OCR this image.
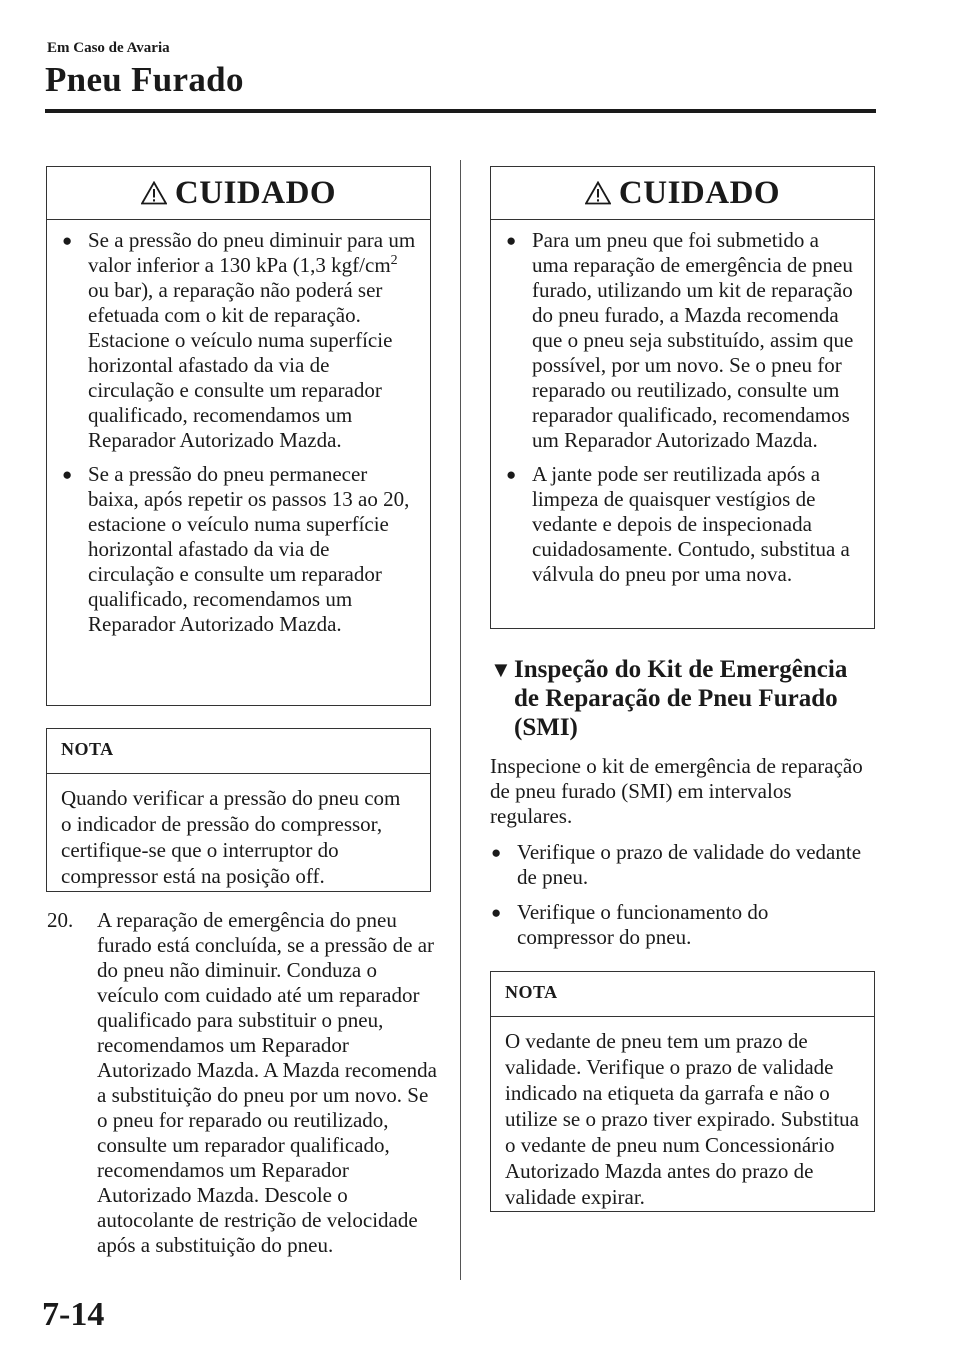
Em Caso de Avaria
Pneu Furado
CUIDADO
● Se a pressão do pneu diminuir para um valor inferior a 130 kPa (1,3 kgf/$cm^2$ ou bar), a reparação não poderá ser efetuada com o kit de reparação. Estacione o veículo numa superfície horizontal afastado da via de circulação e consulte um reparador qualificado, recomendamos um Reparador Autorizado Mazda.
● Se a pressão do pneu permanecer baixa, após repetir os passos 13 ao 20, estacione o veículo numa superfície horizontal afastado da via de circulação e consulte um reparador qualificado, recomendamos um Reparador Autorizado Mazda.
NOTA
Quando verificar a pressão do pneu com o indicador de pressão do compressor, certifique-se que o interruptor do compressor está na posição off.
20.	A reparação de emergência do pneu furado está concluída, se a pressão de ar do pneu não diminuir. Conduza o veículo com cuidado até um reparador qualificado para substituir o pneu, recomendamos um Reparador Autorizado Mazda. A Mazda recomenda a substituição do pneu por um novo. Se o pneu for reparado ou reutilizado, consulte um reparador qualificado, recomendamos um Reparador Autorizado Mazda. Descole o autocolante de restrição de velocidade após a substituição do pneu.
CUIDADO
● Para um pneu que foi submetido a uma reparação de emergência de pneu furado, utilizando um kit de reparação do pneu furado, a Mazda recomenda que o pneu seja substituído, assim que possível, por um novo. Se o pneu for reparado ou reutilizado, consulte um reparador qualificado, recomendamos um Reparador Autorizado Mazda.
● A jante pode ser reutilizada após a limpeza de quaisquer vestígios de vedante e depois de inspecionada cuidadosamente. Contudo, substitua a válvula do pneu por uma nova.
▼ Inspeção do Kit de Emergência de Reparação de Pneu Furado (SMI)
Inspecione o kit de emergência de reparação de pneu furado (SMI) em intervalos regulares.
● Verifique o prazo de validade do vedante de pneu.
● Verifique o funcionamento do compressor do pneu.
NOTA
O vedante de pneu tem um prazo de validade. Verifique o prazo de validade indicado na etiqueta da garrafa e não o utilize se o prazo tiver expirado. Substitua o vedante de pneu num Concessionário Autorizado Mazda antes do prazo de validade expirar.
7-14
